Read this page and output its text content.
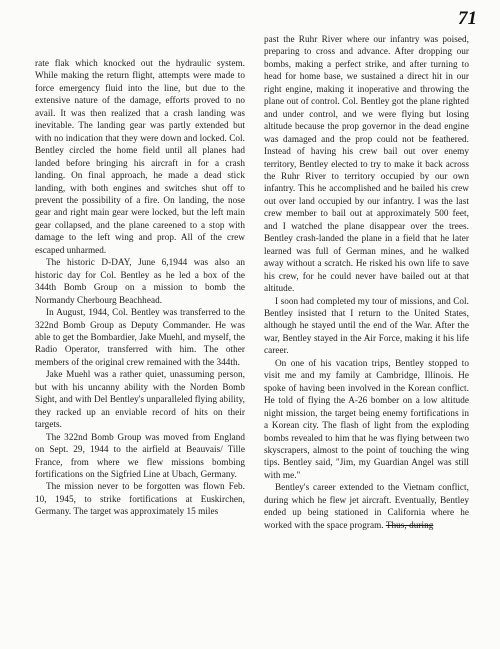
71

rate flak which knocked out the hydraulic system. While making the return flight, attempts were made to force emergency fluid into the line, but due to the extensive nature of the damage, efforts proved to no avail. It was then realized that a crash landing was inevitable. The landing gear was partly extended but with no indication that they were down and locked. Col. Bentley circled the home field until all planes had landed before bringing his aircraft in for a crash landing. On final approach, he made a dead stick landing, with both engines and switches shut off to prevent the possibility of a fire. On landing, the nose gear and right main gear were locked, but the left main gear collapsed, and the plane careened to a stop with damage to the left wing and prop. All of the crew escaped unharmed.

The historic D-DAY, June 6,1944 was also an historic day for Col. Bentley as he led a box of the 344th Bomb Group on a mission to bomb the Normandy Cherbourg Beachhead.

In August, 1944, Col. Bentley was transferred to the 322nd Bomb Group as Deputy Commander. He was able to get the Bombardier, Jake Muehl, and myself, the Radio Operator, transferred with him. The other members of the original crew remained with the 344th.

Jake Muehl was a rather quiet, unassuming person, but with his uncanny ability with the Norden Bomb Sight, and with Del Bentley's unparalleled flying ability, they racked up an enviable record of hits on their targets.

The 322nd Bomb Group was moved from England on Sept. 29, 1944 to the airfield at Beauvais/ Tille France, from where we flew missions bombing fortifications on the Sigfried Line at Ubach, Germany.

The mission never to be forgotten was flown Feb. 10, 1945, to strike fortifications at Euskirchen, Germany. The target was approximately 15 miles

past the Ruhr River where our infantry was poised, preparing to cross and advance. After dropping our bombs, making a perfect strike, and after turning to head for home base, we sustained a direct hit in our right engine, making it inoperative and throwing the plane out of control. Col. Bentley got the plane righted and under control, and we were flying but losing altitude because the prop governor in the dead engine was damaged and the prop could not be feathered. Instead of having his crew bail out over enemy territory, Bentley elected to try to make it back across the Ruhr River to territory occupied by our own infantry. This he accomplished and he bailed his crew out over land occupied by our infantry. I was the last crew member to bail out at approximately 500 feet, and I watched the plane disappear over the trees. Bentley crash-landed the plane in a field that he later learned was full of German mines, and he walked away without a scratch. He risked his own life to save his crew, for he could never have bailed out at that altitude.

I soon had completed my tour of missions, and Col. Bentley insisted that I return to the United States, although he stayed until the end of the War. After the war, Bentley stayed in the Air Force, making it his life career.

On one of his vacation trips, Bentley stopped to visit me and my family at Cambridge, Illinois. He spoke of having been involved in the Korean conflict. He told of flying the A-26 bomber on a low altitude night mission, the target being enemy fortifications in a Korean city. The flash of light from the exploding bombs revealed to him that he was flying between two skyscrapers, almost to the point of touching the wing tips. Bentley said, "Jim, my Guardian Angel was still with me."

Bentley's career extended to the Vietnam conflict, during which he flew jet aircraft. Eventually, Bentley ended up being stationed in California where he worked with the space program. Thus, during
